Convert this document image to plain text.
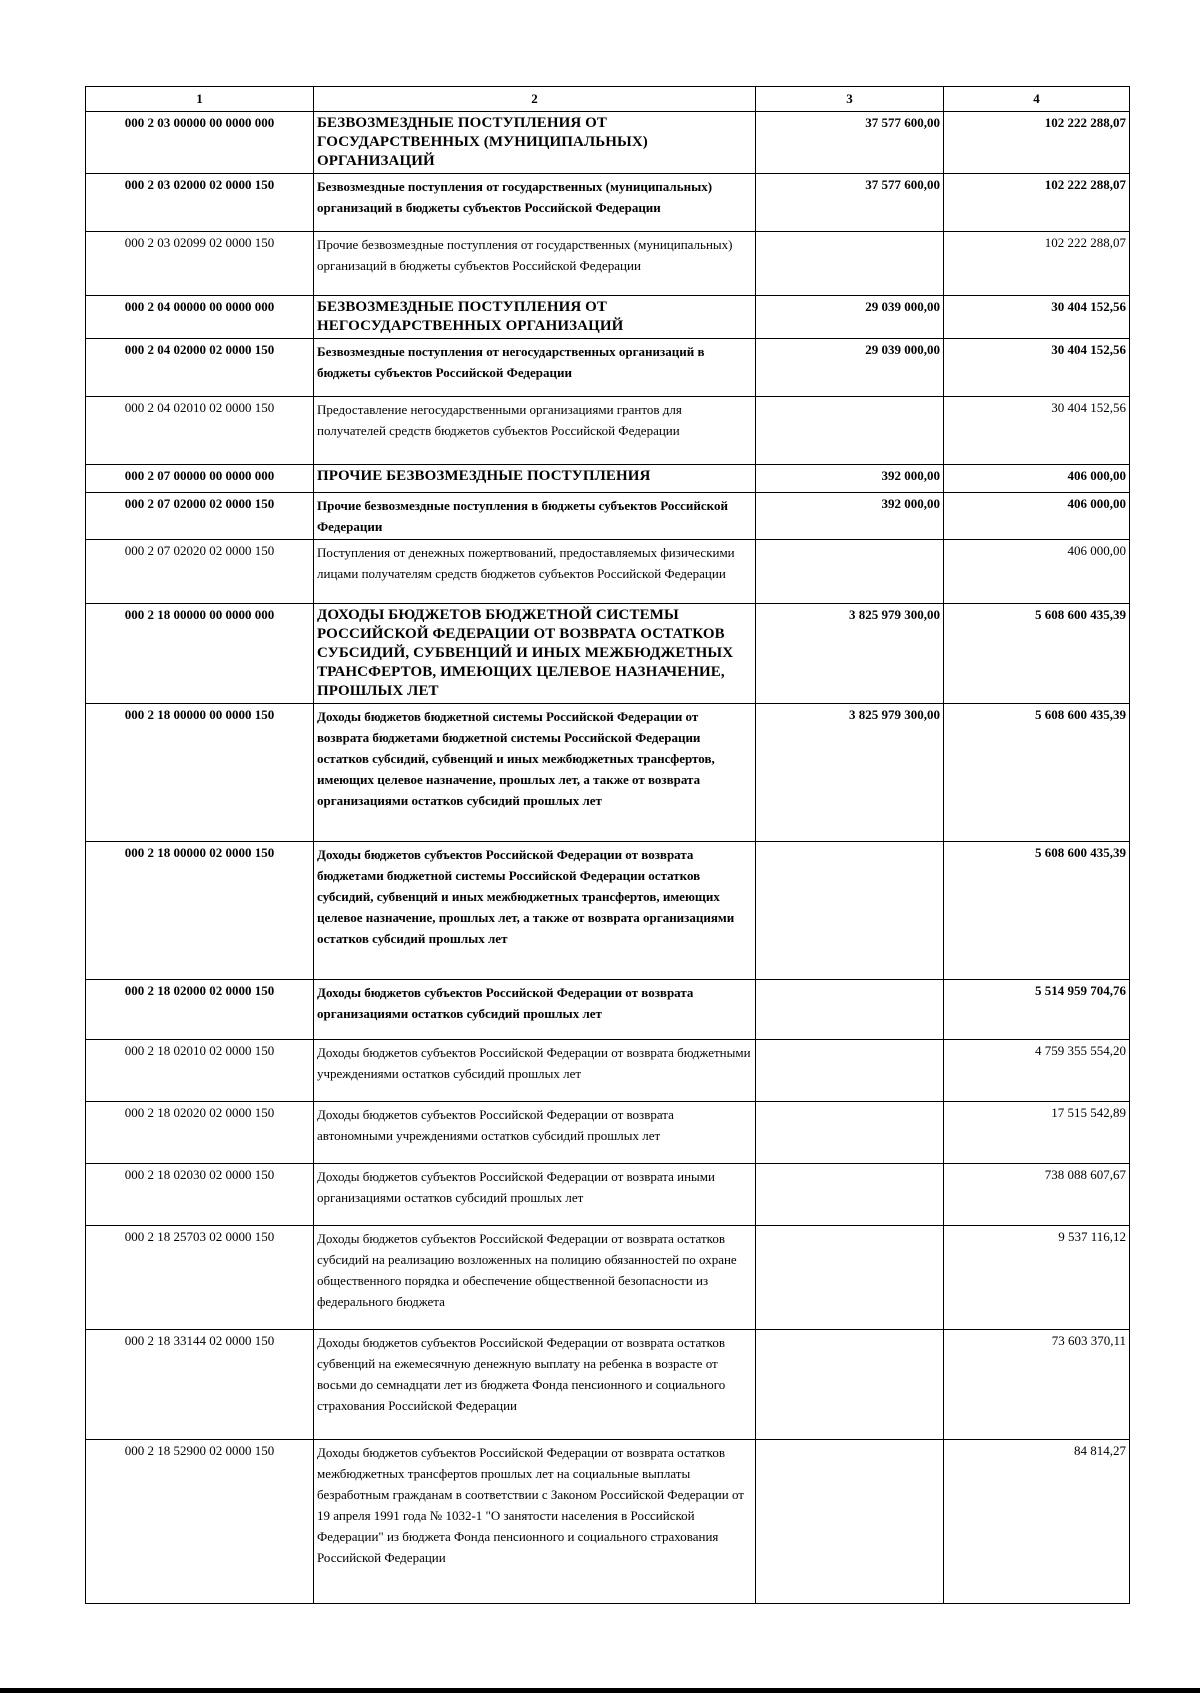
1	2	3	4
000 2 03 00000 00 0000 000	БЕЗВОЗМЕЗДНЫЕ ПОСТУПЛЕНИЯ ОТ ГОСУДАРСТВЕННЫХ (МУНИЦИПАЛЬНЫХ) ОРГАНИЗАЦИЙ	37 577 600,00	102 222 288,07
000 2 03 02000 02 0000 150	Безвозмездные поступления от государственных (муниципальных) организаций в бюджеты субъектов Российской Федерации	37 577 600,00	102 222 288,07
000 2 03 02099 02 0000 150	Прочие безвозмездные поступления от государственных (муниципальных) организаций в бюджеты субъектов Российской Федерации		102 222 288,07
000 2 04 00000 00 0000 000	БЕЗВОЗМЕЗДНЫЕ ПОСТУПЛЕНИЯ ОТ НЕГОСУДАРСТВЕННЫХ ОРГАНИЗАЦИЙ	29 039 000,00	30 404 152,56
000 2 04 02000 02 0000 150	Безвозмездные поступления от негосударственных организаций в бюджеты субъектов Российской Федерации	29 039 000,00	30 404 152,56
000 2 04 02010 02 0000 150	Предоставление негосударственными организациями грантов для получателей средств бюджетов субъектов Российской Федерации		30 404 152,56
000 2 07 00000 00 0000 000	ПРОЧИЕ БЕЗВОЗМЕЗДНЫЕ ПОСТУПЛЕНИЯ	392 000,00	406 000,00
000 2 07 02000 02 0000 150	Прочие безвозмездные поступления в бюджеты субъектов Российской Федерации	392 000,00	406 000,00
000 2 07 02020 02 0000 150	Поступления от денежных пожертвований, предоставляемых физическими лицами получателям средств бюджетов субъектов Российской Федерации		406 000,00
000 2 18 00000 00 0000 000	ДОХОДЫ БЮДЖЕТОВ БЮДЖЕТНОЙ СИСТЕМЫ РОССИЙСКОЙ ФЕДЕРАЦИИ ОТ ВОЗВРАТА ОСТАТКОВ СУБСИДИЙ, СУБВЕНЦИЙ И ИНЫХ МЕЖБЮДЖЕТНЫХ ТРАНСФЕРТОВ, ИМЕЮЩИХ ЦЕЛЕВОЕ НАЗНАЧЕНИЕ, ПРОШЛЫХ ЛЕТ	3 825 979 300,00	5 608 600 435,39
000 2 18 00000 00 0000 150	Доходы бюджетов бюджетной системы Российской Федерации от возврата бюджетами бюджетной системы Российской Федерации остатков субсидий, субвенций и иных межбюджетных трансфертов, имеющих целевое назначение, прошлых лет, а также от возврата организациями остатков субсидий прошлых лет	3 825 979 300,00	5 608 600 435,39
000 2 18 00000 02 0000 150	Доходы бюджетов субъектов Российской Федерации от возврата бюджетами бюджетной системы Российской Федерации остатков субсидий, субвенций и иных межбюджетных трансфертов, имеющих целевое назначение, прошлых лет, а также от возврата организациями остатков субсидий прошлых лет		5 608 600 435,39
000 2 18 02000 02 0000 150	Доходы бюджетов субъектов Российской Федерации от возврата организациями остатков субсидий прошлых лет		5 514 959 704,76
000 2 18 02010 02 0000 150	Доходы бюджетов субъектов Российской Федерации от возврата бюджетными учреждениями остатков субсидий прошлых лет		4 759 355 554,20
000 2 18 02020 02 0000 150	Доходы бюджетов субъектов Российской Федерации от возврата автономными учреждениями остатков субсидий прошлых лет		17 515 542,89
000 2 18 02030 02 0000 150	Доходы бюджетов субъектов Российской Федерации от возврата иными организациями остатков субсидий прошлых лет		738 088 607,67
000 2 18 25703 02 0000 150	Доходы бюджетов субъектов Российской Федерации от возврата остатков субсидий на реализацию возложенных на полицию обязанностей по охране общественного порядка и обеспечение общественной безопасности из федерального бюджета		9 537 116,12
000 2 18 33144 02 0000 150	Доходы бюджетов субъектов Российской Федерации от возврата остатков субвенций на ежемесячную денежную выплату на ребенка в возрасте от восьми до семнадцати лет из бюджета Фонда пенсионного и социального страхования Российской Федерации		73 603 370,11
000 2 18 52900 02 0000 150	Доходы бюджетов субъектов Российской Федерации от возврата остатков межбюджетных трансфертов прошлых лет на социальные выплаты безработным гражданам в соответствии с Законом Российской Федерации от 19 апреля 1991 года № 1032-1 "О занятости населения в Российской Федерации" из бюджета Фонда пенсионного и социального страхования Российской Федерации		84 814,27
